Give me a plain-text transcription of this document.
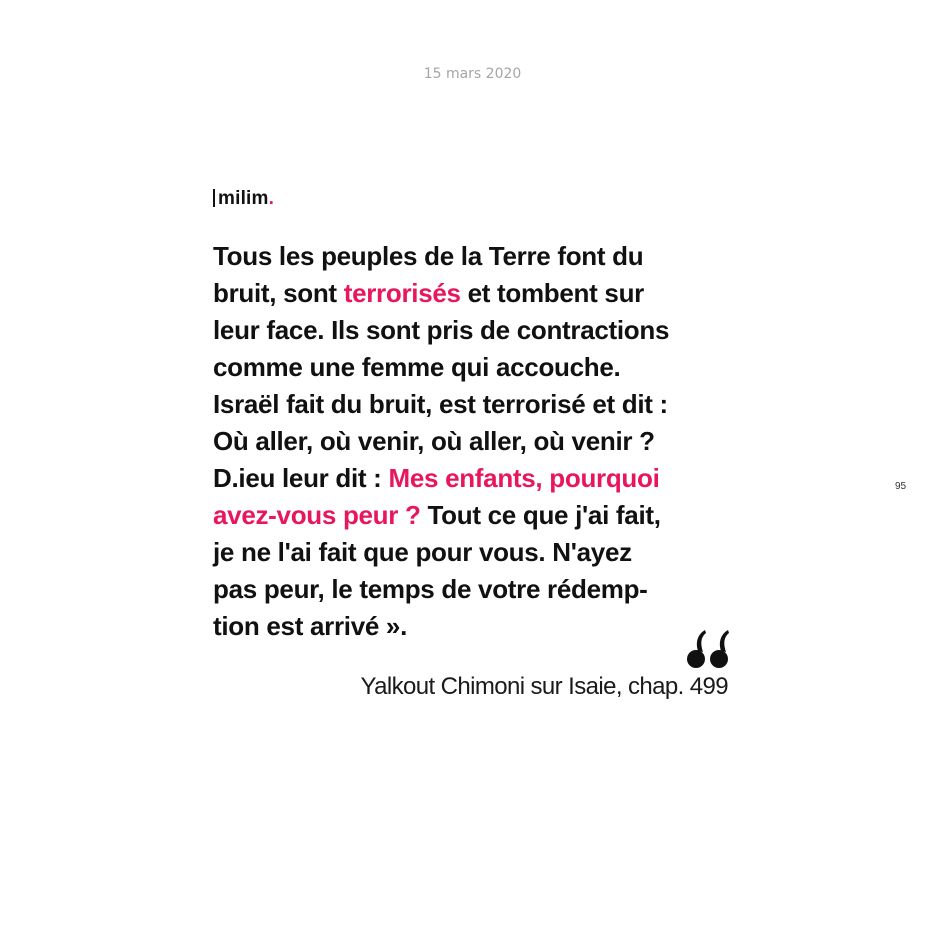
15 mars 2020
milim.
Tous les peuples de la Terre font du
bruit, sont terrorisés et tombent sur
leur face. Ils sont pris de contractions
comme une femme qui accouche.
Israël fait du bruit, est terrorisé et dit :
Où aller, où venir, où aller, où venir ?
D.ieu leur dit : Mes enfants, pourquoi
avez-vous peur ? Tout ce que j'ai fait,
je ne l'ai fait que pour vous. N'ayez
pas peur, le temps de votre rédemp-
tion est arrivé ».
Yalkout Chimoni sur Isaie, chap. 499
95
